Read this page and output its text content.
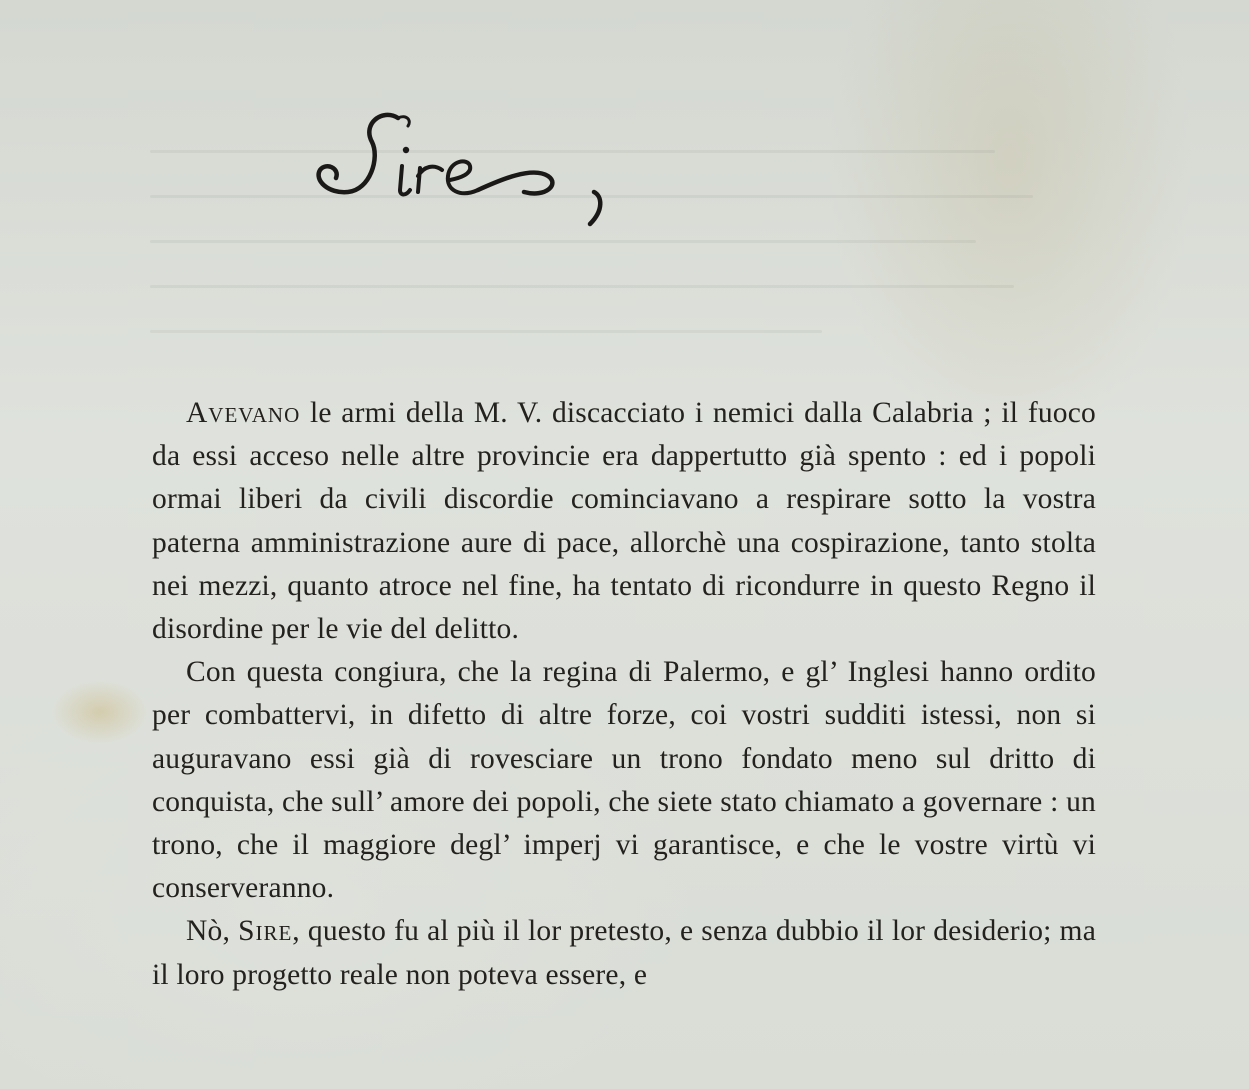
Avevano le armi della M. V. discacciato i nemici dalla Calabria ; il fuoco da essi acceso nelle altre provincie era dappertutto già spento : ed i popoli ormai liberi da civili discordie cominciavano a respirare sotto la vostra paterna amministrazione aure di pace, allorchè una cospirazione, tanto stolta nei mezzi, quanto atroce nel fine, ha tentato di ricondurre in questo Regno il disordine per le vie del delitto.

Con questa congiura, che la regina di Palermo, e gl’ Inglesi hanno ordito per combattervi, in difetto di altre forze, coi vostri sudditi istessi, non si auguravano essi già di rovesciare un trono fondato meno sul dritto di conquista, che sull’ amore dei popoli, che siete stato chiamato a governare : un trono, che il maggiore degl’ imperj vi garantisce, e che le vostre virtù vi conserveranno.

Nò, Sire, questo fu al più il lor pretesto, e senza dubbio il lor desiderio; ma il loro progetto reale non poteva essere, e
